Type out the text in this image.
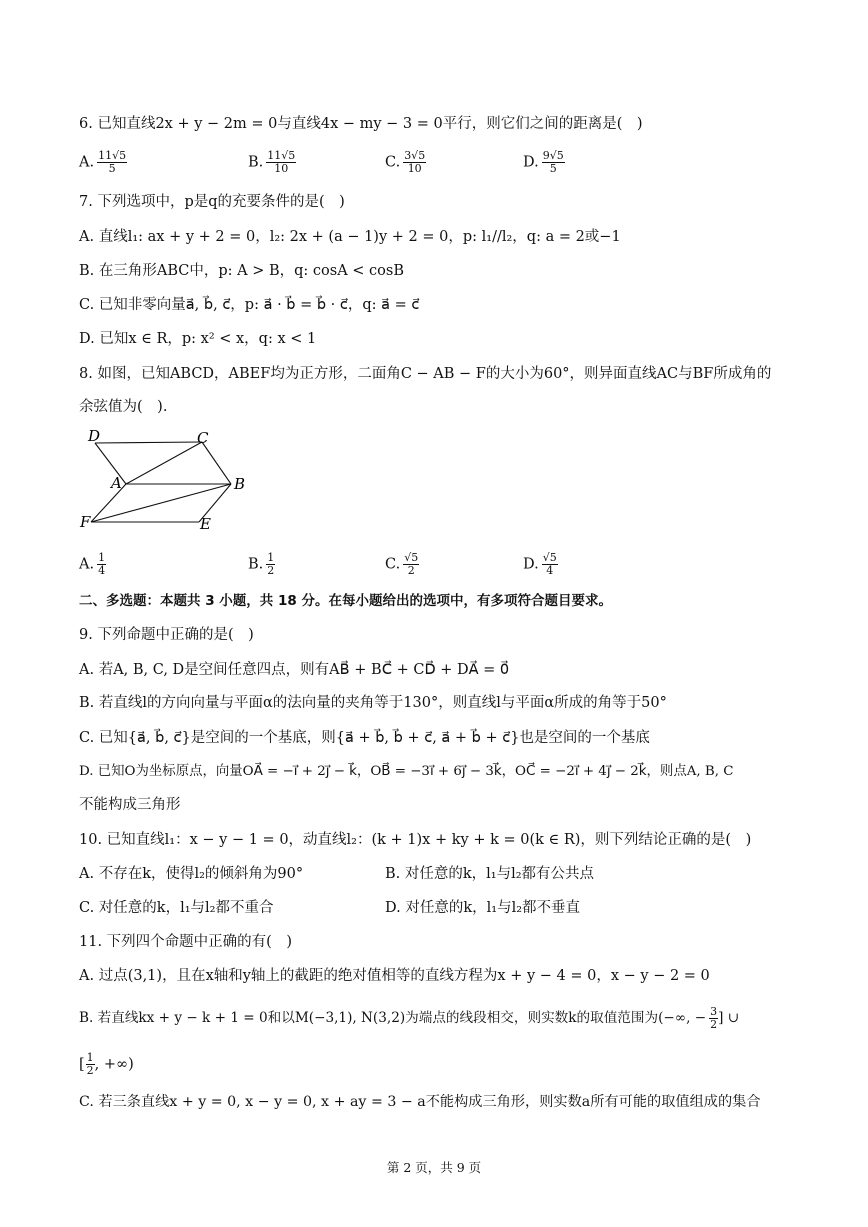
6. 已知直线2x + y − 2m = 0与直线4x − my − 3 = 0平行，则它们之间的距离是(　)
A. $\frac{11√5}{5}$	B. $\frac{11√5}{10}$	C. $\frac{3√5}{10}$	D. $\frac{9√5}{5}$
7. 下列选项中，p是q的充要条件的是(　)
A. 直线l₁: ax + y + 2 = 0，l₂: 2x + (a − 1)y + 2 = 0，p: l₁//l₂，q: a = 2或−1
B. 在三角形ABC中，p: A > B，q: cosA < cosB
C. 已知非零向量a⃗, b⃗, c⃗，p: a⃗ · b⃗ = b⃗ · c⃗，q: a⃗ = c⃗
D. 已知x ∈ R，p: x² < x，q: x < 1
8. 如图，已知ABCD，ABEF均为正方形，二面角C − AB − F的大小为60°，则异面直线AC与BF所成角的
余弦值为(　).
D	C
A	B
F	E
A. $\frac{1}{4}$	B. $\frac{1}{2}$	C. $\frac{√5}{2}$	D. $\frac{√5}{4}$
二、多选题：本题共 3 小题，共 18 分。在每小题给出的选项中，有多项符合题目要求。
9. 下列命题中正确的是(　)
A. 若A, B, C, D是空间任意四点，则有AB⃗ + BC⃗ + CD⃗ + DA⃗ = 0⃗
B. 若直线l的方向向量与平面α的法向量的夹角等于130°，则直线l与平面α所成的角等于50°
C. 已知{a⃗, b⃗, c⃗}是空间的一个基底，则{a⃗ + b⃗, b⃗ + c⃗, a⃗ + b⃗ + c⃗}也是空间的一个基底
D. 已知O为坐标原点，向量OA⃗ = −i⃗ + 2j⃗ − k⃗，OB⃗ = −3i⃗ + 6j⃗ − 3k⃗，OC⃗ = −2i⃗ + 4j⃗ − 2k⃗，则点A, B, C
不能构成三角形
10. 已知直线l₁：x − y − 1 = 0，动直线l₂：(k + 1)x + ky + k = 0(k ∈ R)，则下列结论正确的是(　)
A. 不存在k，使得l₂的倾斜角为90°	B. 对任意的k，l₁与l₂都有公共点
C. 对任意的k，l₁与l₂都不重合	D. 对任意的k，l₁与l₂都不垂直
11. 下列四个命题中正确的有(　)
A. 过点(3,1)，且在x轴和y轴上的截距的绝对值相等的直线方程为x + y − 4 = 0，x − y − 2 = 0
B. 若直线kx + y − k + 1 = 0和以M(−3,1), N(3,2)为端点的线段相交，则实数k的取值范围为(−∞, − $\frac{3}{2}$ ] ∪
[ $\frac{1}{2}$ , +∞)
C. 若三条直线x + y = 0, x − y = 0, x + ay = 3 − a不能构成三角形，则实数a所有可能的取值组成的集合
第 2 页，共 9 页
